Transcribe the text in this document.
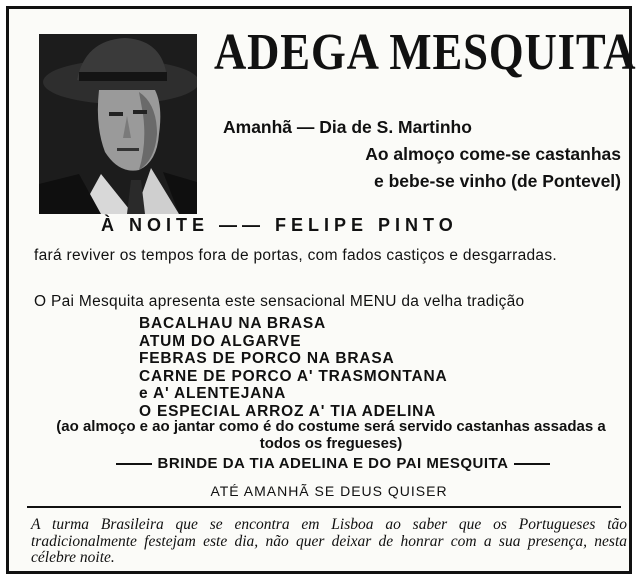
ADEGA MESQUITA
Amanhã — Dia de S. Martinho
Ao almoço come-se castanhas
e bebe-se vinho (de Pontevel)
À NOITE —— FELIPE PINTO
fará reviver os tempos fora de portas, com fados castiços e desgarradas.
O Pai Mesquita apresenta este sensacional MENU da velha tradição
BACALHAU NA BRASA
ATUM DO ALGARVE
FEBRAS DE PORCO NA BRASA
CARNE DE PORCO A' TRASMONTANA
e A' ALENTEJANA
O ESPECIAL ARROZ A' TIA ADELINA
(ao almoço e ao jantar como é do costume será servido castanhas assadas a todos os fregueses)
BRINDE DA TIA ADELINA E DO PAI MESQUITA
ATÉ AMANHÃ SE DEUS QUISER
A turma Brasileira que se encontra em Lisboa ao saber que os Portugueses tão tradicionalmente festejam este dia, não quer deixar de honrar com a sua presença, nesta célebre noite.
